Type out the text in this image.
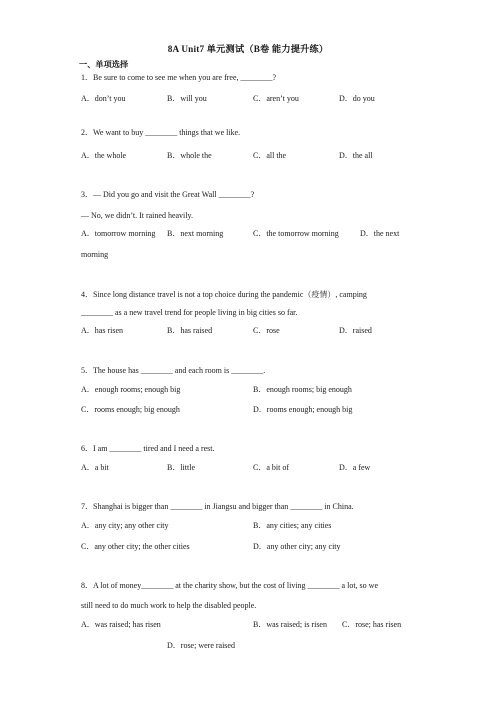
8A Unit7 单元测试（B卷 能力提升练）
一、单项选择
1．Be sure to come to see me when you are free, ________?
A．don’t you	B．will you	C．aren’t you	D．do you
2．We want to buy ________ things that we like.
A．the whole	B．whole the	C．all the	D．the all
3．— Did you go and visit the Great Wall ________?
— No, we didn’t. It rained heavily.
A．tomorrow morning B．next morning	C．the tomorrow morning	D．the next
morning
4．Since long distance travel is not a top choice during the pandemic（疫情）, camping
________ as a new travel trend for people living in big cities so far.
A．has risen	B．has raised	C．rose	D．raised
5．The house has ________ and each room is ________.
A．enough rooms; enough big	B．enough rooms; big enough
C．rooms enough; big enough	D．rooms enough; enough big
6．I am ________ tired and I need a rest.
A．a bit	B．little	C．a bit of	D．a few
7．Shanghai is bigger than ________ in Jiangsu and bigger than ________ in China.
A．any city; any other city	B．any cities; any cities
C．any other city; the other cities	D．any other city; any city
8．A lot of money________ at the charity show, but the cost of living ________ a lot, so we
still need to do much work to help the disabled people.
A．was raised; has risen	B．was raised; is risen C．rose; has risen
D．rose; were raised
